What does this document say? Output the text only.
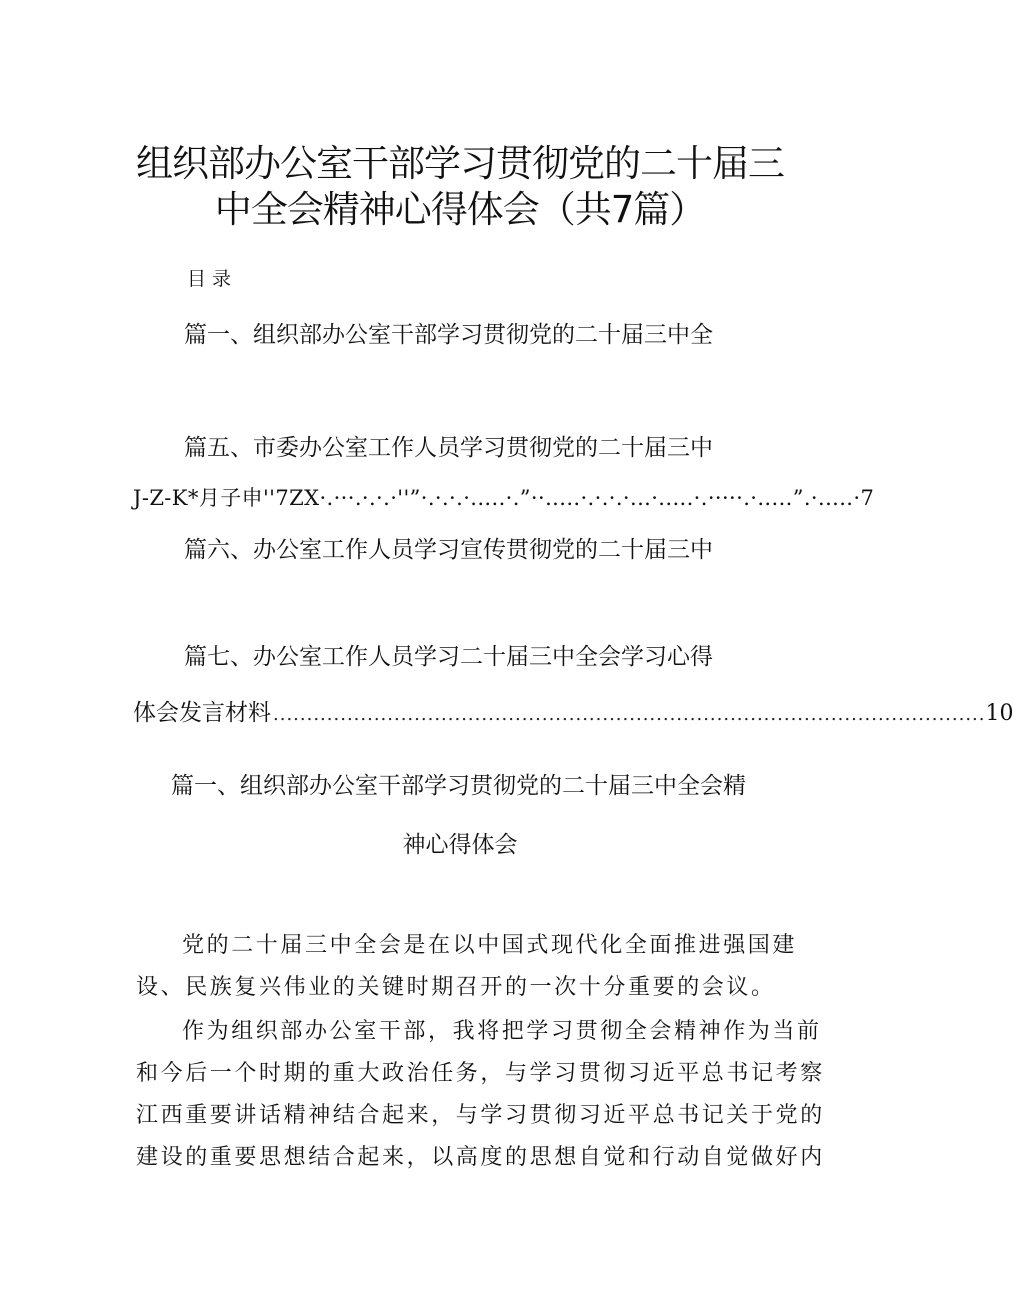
组织部办公室干部学习贯彻党的二十届三
中全会精神心得体会（共7篇）
目录
篇一、组织部办公室干部学习贯彻党的二十届三中全
篇五、市委办公室工作人员学习贯彻党的二十届三中
J-Z-K*月子申''7ZX·.···.·.·.·''”·.·.·.·.....·.”··.....·.·.·.·...·.....·.·····.·.....”.·.....·7
篇六、办公室工作人员学习宣传贯彻党的二十届三中
篇七、办公室工作人员学习二十届三中全会学习心得
体会发言材料 .......................................................................................................... 10
篇一、组织部办公室干部学习贯彻党的二十届三中全会精
神心得体会
党的二十届三中全会是在以中国式现代化全面推进强国建
设、民族复兴伟业的关键时期召开的一次十分重要的会议。
作为组织部办公室干部，我将把学习贯彻全会精神作为当前
和今后一个时期的重大政治任务，与学习贯彻习近平总书记考察
江西重要讲话精神结合起来，与学习贯彻习近平总书记关于党的
建设的重要思想结合起来，以高度的思想自觉和行动自觉做好内
